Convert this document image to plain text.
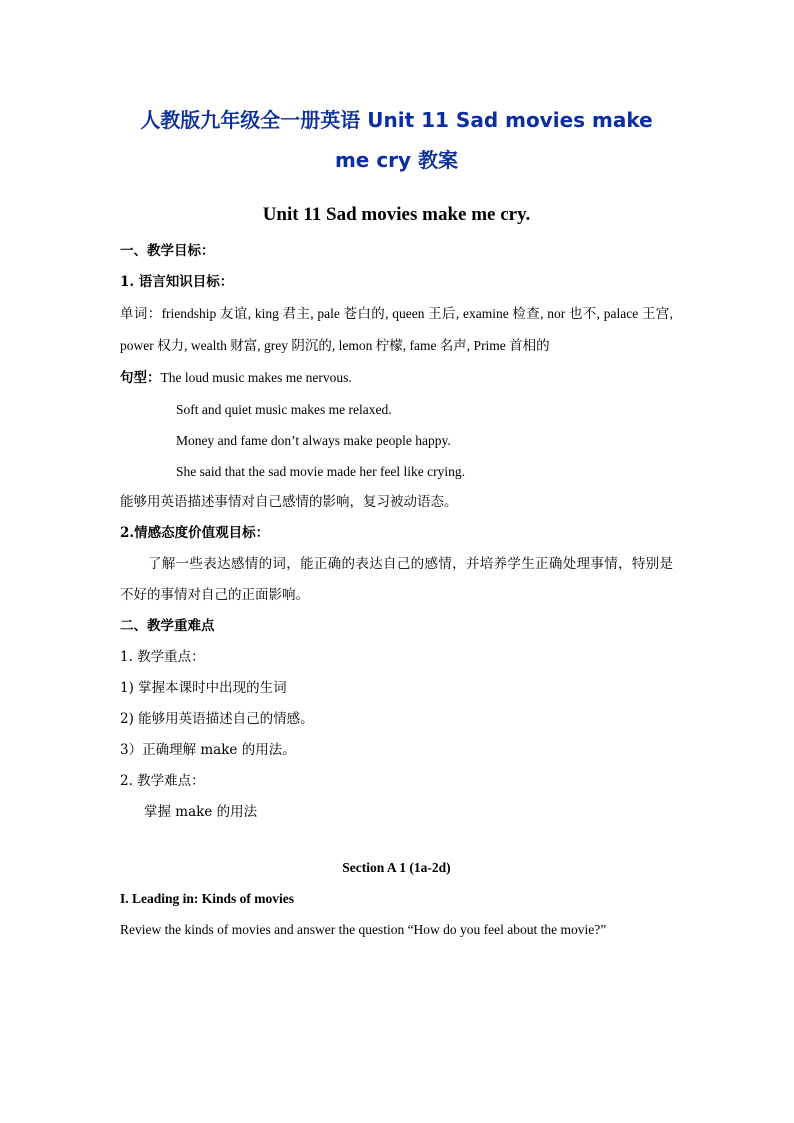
人教版九年级全一册英语 Unit 11 Sad movies make me cry 教案
Unit 11 Sad movies make me cry.

一、教学目标：

1. 语言知识目标：

单词：friendship 友谊, king 君主, pale 苍白的, queen 王后, examine 检查, nor 也不, palace 王宫, power 权力, wealth 财富, grey 阴沉的, lemon 柠檬, fame 名声, Prime 首相的

句型：The loud music makes me nervous.

Soft and quiet music makes me relaxed.

Money and fame don’t always make people happy.

She said that the sad movie made her feel like crying.

能够用英语描述事情对自己感情的影响，复习被动语态。

2.情感态度价值观目标：

了解一些表达感情的词，能正确的表达自己的感情，并培养学生正确处理事情，特别是不好的事情对自己的正面影响。

二、教学重难点

1. 教学重点：

1) 掌握本课时中出现的生词

2) 能够用英语描述自己的情感。

3）正确理解 make 的用法。

2. 教学难点：

掌握 make 的用法

Section A 1 (1a-2d)

I. Leading in: Kinds of movies

Review the kinds of movies and answer the question “How do you feel about the movie?”
